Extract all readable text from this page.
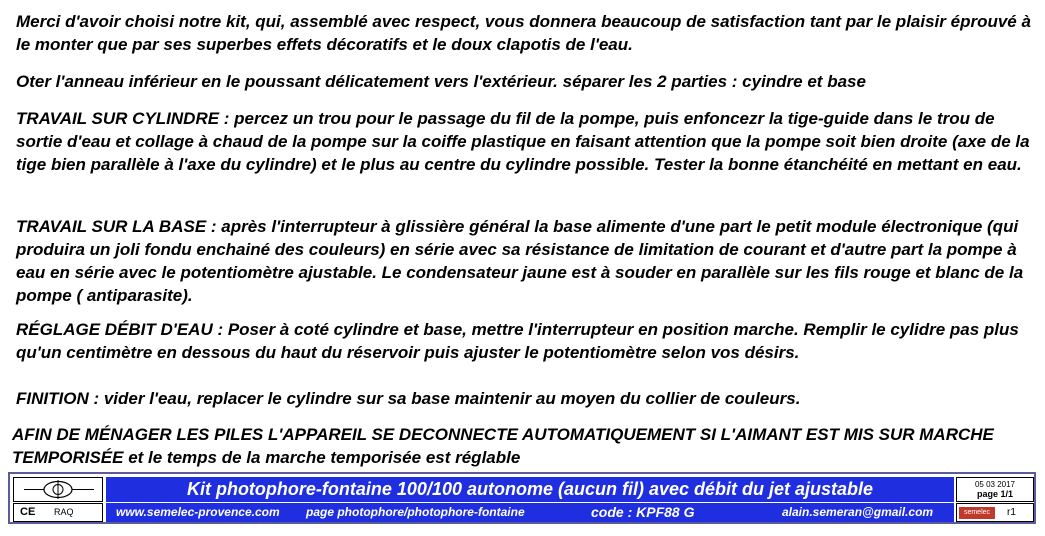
Merci d'avoir choisi notre kit, qui, assemblé avec respect, vous donnera beaucoup de satisfaction tant par le plaisir éprouvé à le monter que par ses superbes effets décoratifs et le doux clapotis de l'eau.

Oter l'anneau inférieur en le poussant délicatement vers l'extérieur. séparer les 2 parties : cyindre et base

TRAVAIL SUR CYLINDRE : percez un trou pour le passage du fil de la pompe, puis enfoncezr la tige-guide dans le trou de sortie d'eau et collage à chaud de la pompe sur la coiffe plastique en faisant attention que la pompe soit bien droite (axe de la tige bien parallèle à l'axe du cylindre) et le plus au centre du cylindre possible. Tester la bonne étanchéité en mettant en eau.

TRAVAIL SUR LA BASE : après l'interrupteur à glissière général la base alimente d'une part le petit module électronique (qui produira un joli fondu enchainé des couleurs) en série avec sa résistance de limitation de courant et d'autre part la pompe à eau en série avec le potentiomètre ajustable. Le condensateur jaune est à souder en parallèle sur les fils rouge et blanc de la pompe ( antiparasite).

RÉGLAGE DÉBIT D'EAU : Poser à coté cylindre et base, mettre l'interrupteur en position marche. Remplir le cylidre pas plus qu'un centimètre en dessous du haut du réservoir puis ajuster le potentiomètre selon vos désirs.

FINITION : vider l'eau, replacer le cylindre sur sa base maintenir au moyen du collier de couleurs.

AFIN DE MÉNAGER LES PILES L'APPAREIL SE DECONNECTE AUTOMATIQUEMENT SI L'AIMANT EST MIS SUR MARCHE TEMPORISÉE et le temps de la marche temporisée est réglable

CE RAQ
Kit photophore-fontaine 100/100 autonome (aucun fil) avec débit du jet ajustable
www.semelec-provence.com page photophore/photophore-fontaine	code : KPF88 G	alain.semeran@gmail.com
05 03 2017
page 1/1
semelec	r1
